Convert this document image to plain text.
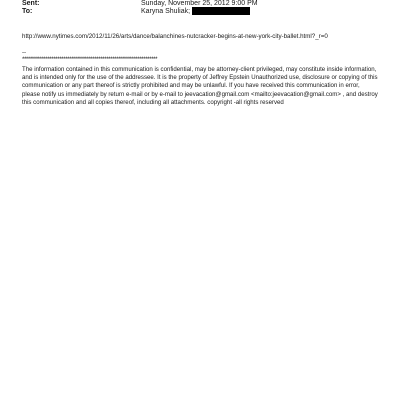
Sent:	Sunday, November 25, 2012 9:00 PM
To:	Karyna Shuliak;
http://www.nytimes.com/2012/11/26/arts/dance/balanchines-nutcracker-begins-at-new-york-city-ballet.html?_r=0
--
*********************************************************************

The information contained in this communication is confidential, may be attorney-client privileged, may constitute inside information, and is intended only for the use of the addressee. It is the property of Jeffrey Epstein Unauthorized use, disclosure or copying of this communication or any part thereof is strictly prohibited and may be unlawful. If you have received this communication in error, please notify us immediately by return e-mail or by e-mail to jeevacation@gmail.com <mailto:jeevacation@gmail.com> , and destroy this communication and all copies thereof, including all attachments. copyright -all rights reserved
